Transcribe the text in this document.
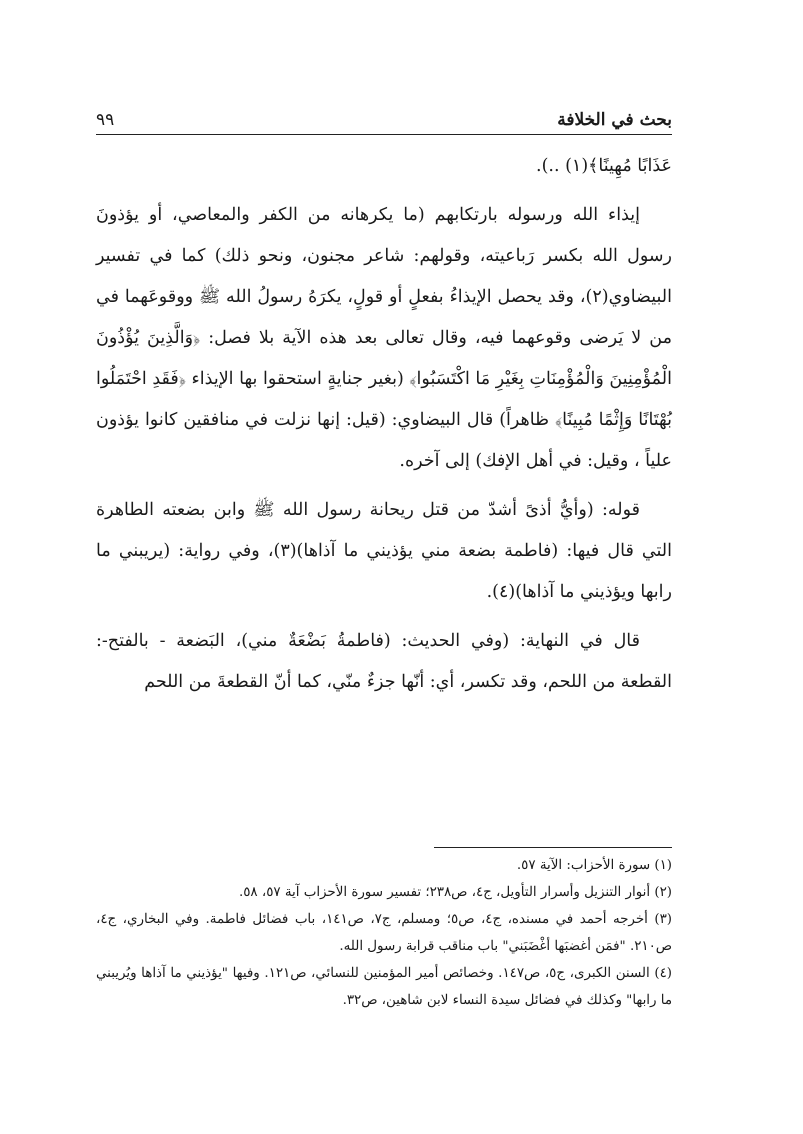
بحث في الخلافة
٩٩

عَذَابًا مُهِينًا﴾(١) ..).

إيذاء الله ورسوله بارتكابهم (ما يكرهانه من الكفر والمعاصي، أو يؤذونَ رسول الله بكسر رَباعيته، وقولهم: شاعر مجنون، ونحو ذلك) كما في تفسير البيضاوي(٢)، وقد يحصل الإيذاءُ بفعلٍ أو قولٍ، يكرَهُ رسولُ الله ﷺ ووقوعَهما في من لا يَرضى وقوعهما فيه، وقال تعالى بعد هذه الآية بلا فصل: ﴿وَالَّذِينَ يُؤْذُونَ الْمُؤْمِنِينَ وَالْمُؤْمِنَاتِ بِغَيْرِ مَا اكْتَسَبُوا﴾ (بغير جنايةٍ استحقوا بها الإيذاء ﴿فَقَدِ احْتَمَلُوا بُهْتَانًا وَإِثْمًا مُبِينًا﴾ ظاهراً) قال البيضاوي: (قيل: إنها نزلت في منافقين كانوا يؤذون علياً ، وقيل: في أهل الإفك) إلى آخره.

قوله: (وأيُّ أذىً أشدّ من قتل ريحانة رسول الله ﷺ وابن بضعته الطاهرة التي قال فيها: (فاطمة بضعة مني يؤذيني ما آذاها)(٣)، وفي رواية: (يريبني ما رابها ويؤذيني ما آذاها)(٤).

قال في النهاية: (وفي الحديث: (فاطمةُ بَضْعَةٌ مني)، البَضعة - بالفتح-: القطعة من اللحم، وقد تكسر، أي: أنّها جزءٌ منّي، كما أنّ القطعةَ من اللحم

(١) سورة الأحزاب: الآية ٥٧.

(٢) أنوار التنزيل وأسرار التأويل، ج٤، ص٢٣٨؛ تفسير سورة الأحزاب آية ٥٧، ٥٨.

(٣) أخرجه أحمد في مسنده، ج٤، ص٥؛ ومسلم، ج٧، ص١٤١، باب فضائل فاطمة. وفي البخاري، ج٤، ص٢١٠. "فمَن أغضبَها أغْضَبَني" باب مناقب قرابة رسول الله.

(٤) السنن الكبرى، ج٥، ص١٤٧. وخصائص أمير المؤمنين للنسائي، ص١٢١. وفيها "يؤذيني ما آذاها ويُريبني ما رابها" وكذلك في فضائل سيدة النساء لابن شاهين، ص٣٢.
